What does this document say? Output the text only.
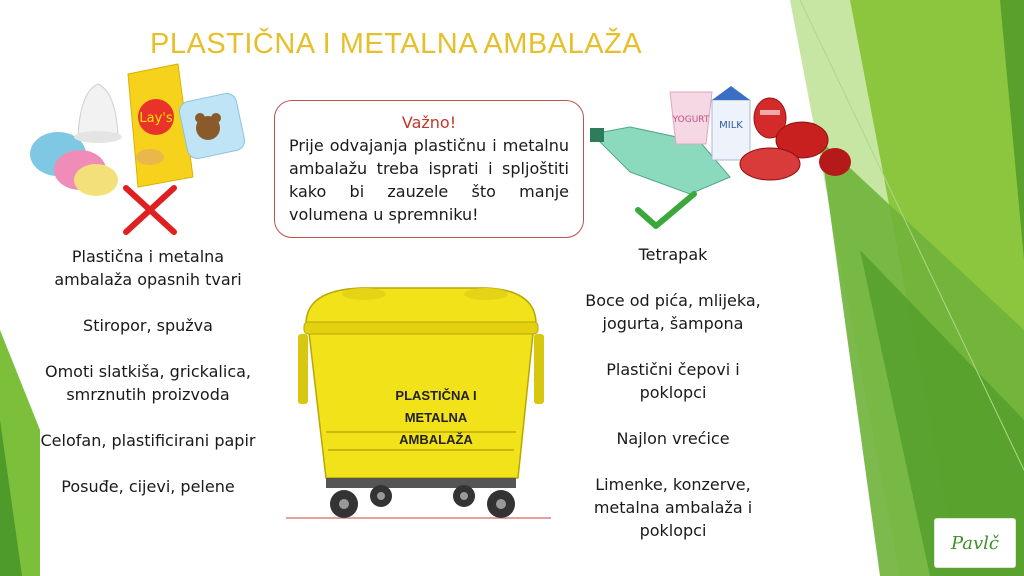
PLASTIČNA I METALNA AMBALAŽA
Lay's
Plastična i metalna ambalaža opasnih tvari
Stiropor, spužva
Omoti slatkiša, grickalica, smrznutih proizvoda
Celofan, plastificirani papir
Posuđe, cijevi, pelene
Važno!
Prije odvajanja plastičnu i metalnu ambalažu treba isprati i spljoštiti kako bi zauzele što manje volumena u spremniku!
PLASTIČNA I
METALNA
AMBALAŽA
YOGURT MILK
Tetrapak
Boce od pića, mlijeka, jogurta, šampona
Plastični čepovi i poklopci
Najlon vrećice
Limenke, konzerve, metalna ambalaža i poklopci
Pavlč
